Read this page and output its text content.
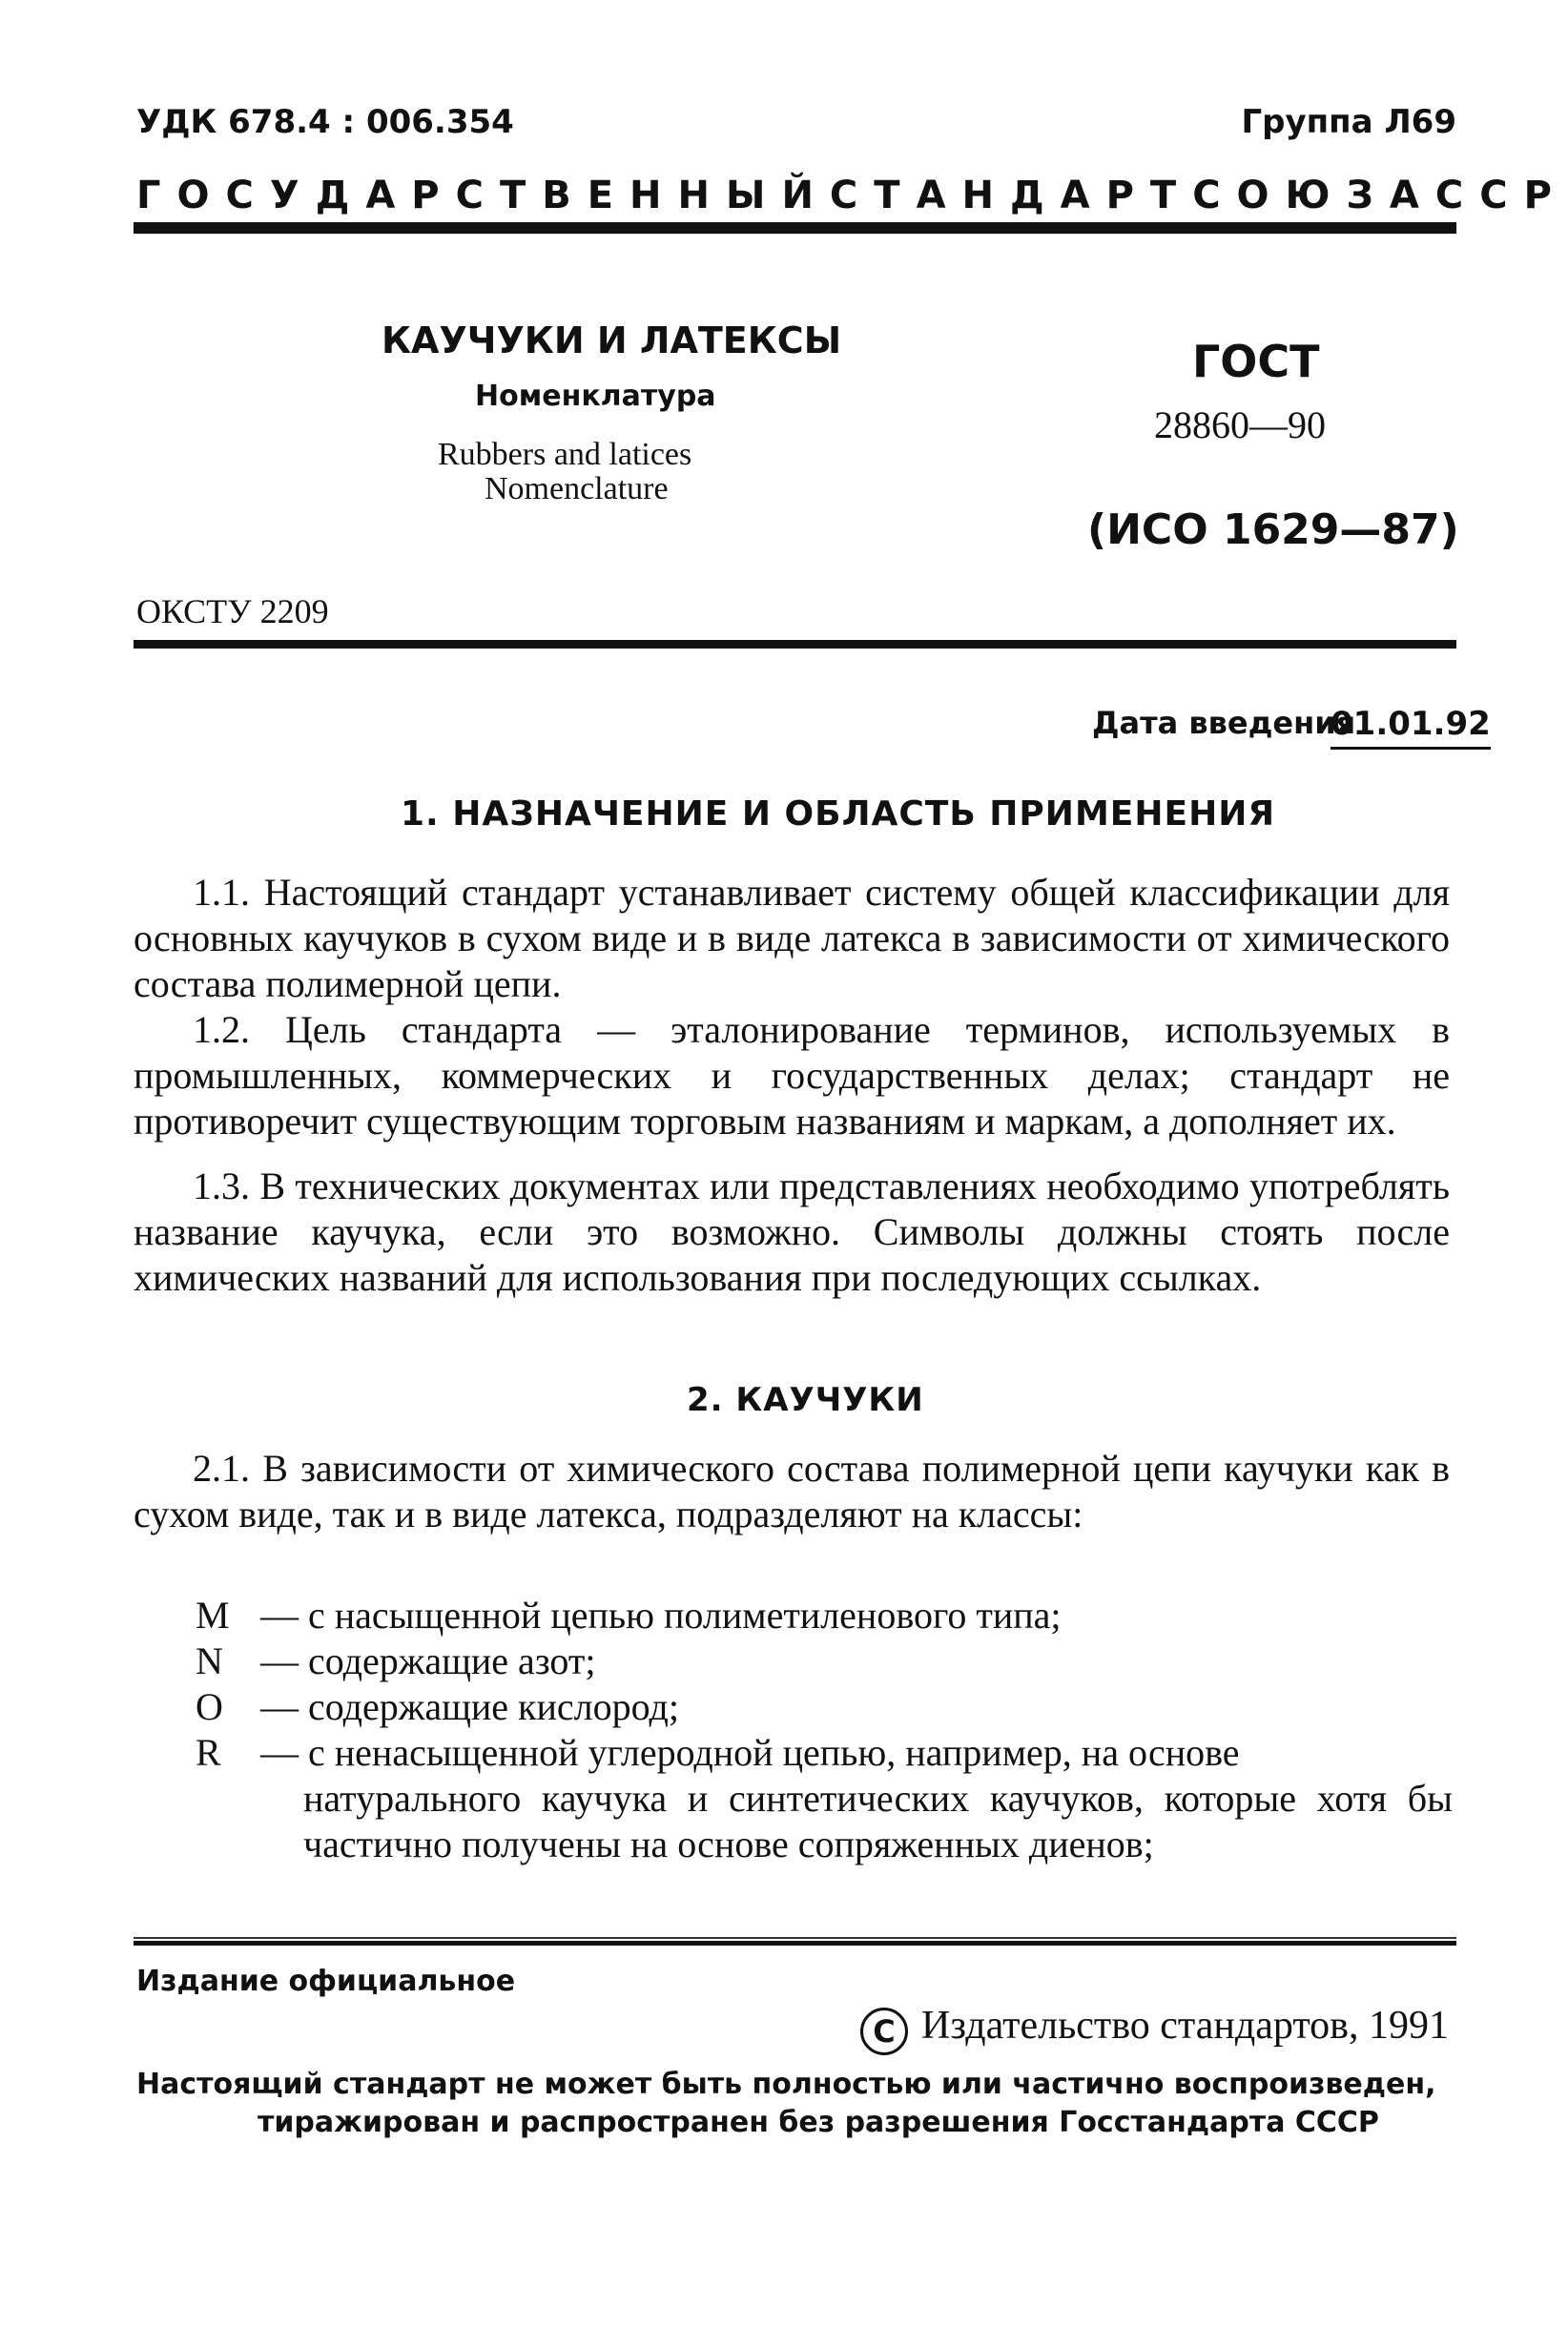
УДК 678.4 : 006.354	Группа Л69
ГОСУДАРСТВЕННЫЙ СТАНДАРТ СОЮЗА ССР
КАУЧУКИ И ЛАТЕКСЫ
Номенклатура
Rubbers and latices
Nomenclature
ГОСТ
28860—90
(ИСО 1629—87)
ОКСТУ 2209
Дата введения
01.01.92
1. НАЗНАЧЕНИЕ И ОБЛАСТЬ ПРИМЕНЕНИЯ
1.1. Настоящий стандарт устанавливает систему общей классификации для основных каучуков в сухом виде и в виде латекса в зависимости от химического состава полимерной цепи.
1.2. Цель стандарта — эталонирование терминов, используемых в промышленных, коммерческих и государственных делах; стандарт не противоречит существующим торговым названиям и маркам, а дополняет их.
1.3. В технических документах или представлениях необходимо употреблять название каучука, если это возможно. Символы должны стоять после химических названий для использования при последующих ссылках.
2. КАУЧУКИ
2.1. В зависимости от химического состава полимерной цепи каучуки как в сухом виде, так и в виде латекса, подразделяют на классы:
M — с насыщенной цепью полиметиленового типа;
N — содержащие азот;
O — содержащие кислород;
R — с ненасыщенной углеродной цепью, например, на основе
натурального каучука и синтетических каучуков, которые хотя бы частично получены на основе сопряженных диенов;
Издание официальное
C Издательство стандартов, 1991
Настоящий стандарт не может быть полностью или частично воспроизведен,
тиражирован и распространен без разрешения Госстандарта СССР
